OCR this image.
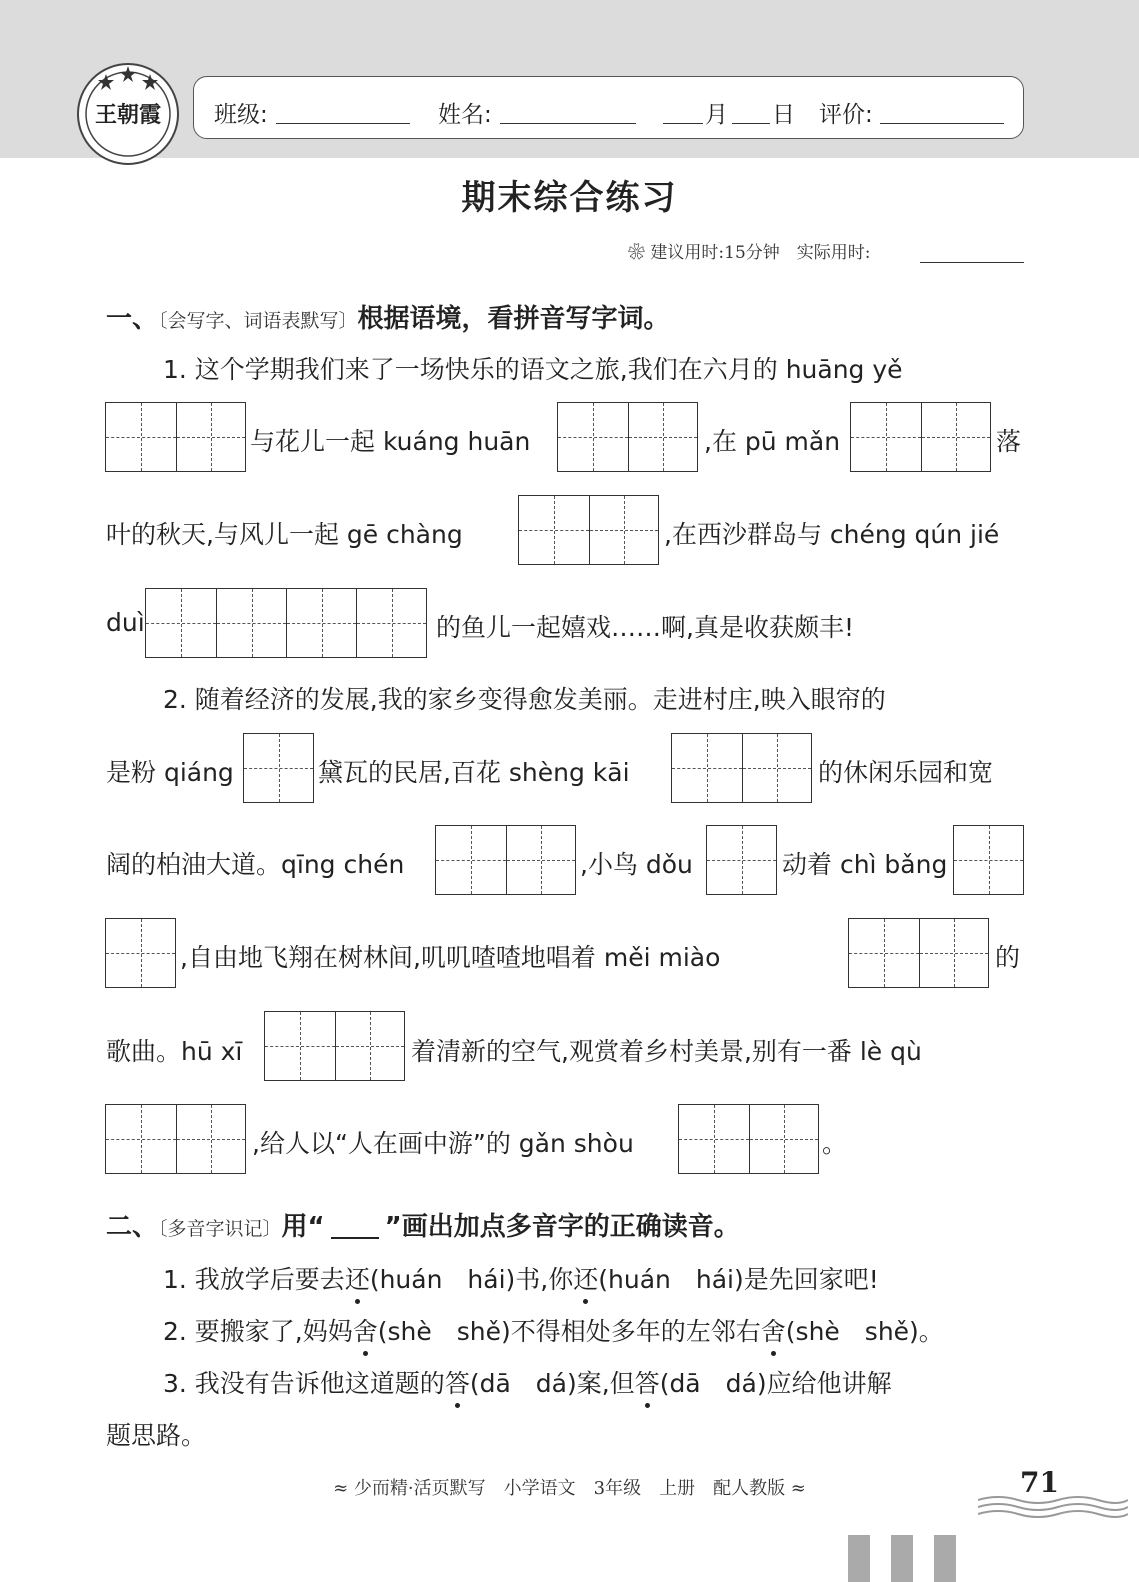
王朝霞 班级:	姓名:	月 日 评价:
期末综合练习
❀ 建议用时:15分钟　实际用时:
一、〔会写字、词语表默写〕根据语境，看拼音写字词。
1. 这个学期我们来了一场快乐的语文之旅,我们在六月的 huāng yě
与花儿一起 kuáng huān	,在 pū mǎn	落
叶的秋天,与风儿一起 gē chàng	,在西沙群岛与 chéng qún jié
duì	的鱼儿一起嬉戏……啊,真是收获颇丰!
2. 随着经济的发展,我的家乡变得愈发美丽。走进村庄,映入眼帘的
是粉 qiáng	黛瓦的民居,百花 shèng kāi	的休闲乐园和宽
阔的柏油大道。qīng chén	,小鸟 dǒu	动着 chì bǎng
,自由地飞翔在树林间,叽叽喳喳地唱着 měi miào	的
歌曲。hū xī	着清新的空气,观赏着乡村美景,别有一番 lè qù
,给人以“人在画中游”的 gǎn shòu	。
二、〔多音字识记〕用“ ”画出加点多音字的正确读音。
1. 我放学后要去还(huán　hái)书,你还(huán　hái)是先回家吧!
2. 要搬家了,妈妈舍(shè　shě)不得相处多年的左邻右舍(shè　shě)。
3. 我没有告诉他这道题的答(dā　dá)案,但答(dā　dá)应给他讲解
题思路。
≈ 少而精·活页默写　小学语文　3年级　上册　配人教版 ≈	71
